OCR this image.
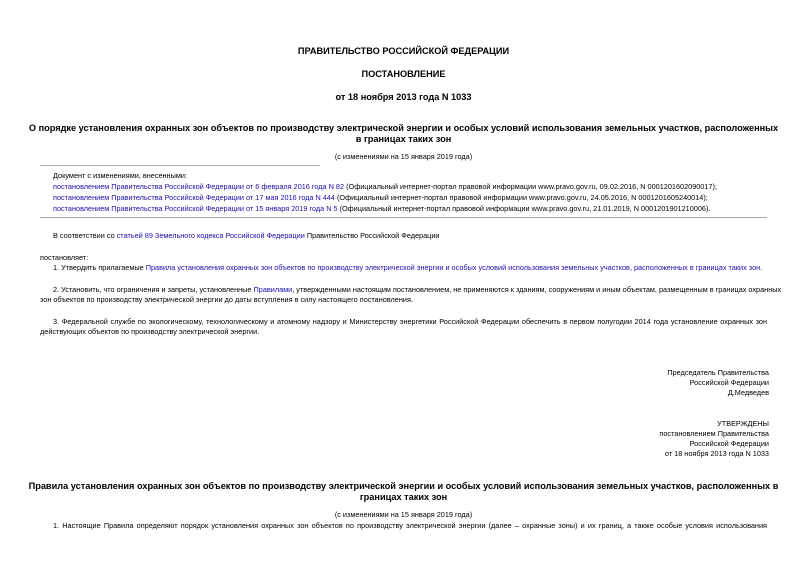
ПРАВИТЕЛЬСТВО РОССИЙСКОЙ ФЕДЕРАЦИИ
ПОСТАНОВЛЕНИЕ
от 18 ноября 2013 года N 1033
О порядке установления охранных зон объектов по производству электрической энергии и особых условий использования земельных участков, расположенных
в границах таких зон
(с изменениями на 15 января 2019 года)
Документ с изменениями, внесенными:
постановлением Правительства Российской Федерации от 6 февраля 2016 года N 82 (Официальный интернет-портал правовой информации www.pravo.gov.ru, 09.02.2016, N 0001201602090017);
постановлением Правительства Российской Федерации от 17 мая 2016 года N 444 (Официальный интернет-портал правовой информации www.pravo.gov.ru, 24.05.2016, N 0001201605240014);
постановлением Правительства Российской Федерации от 15 января 2019 года N 5 (Официальный интернет-портал правовой информации www.pravo.gov.ru, 21.01.2019, N 0001201901210006).
В соответствии со статьей 89 Земельного кодекса Российской Федерации Правительство Российской Федерации
постановляет:
1. Утвердить прилагаемые Правила установления охранных зон объектов по производству электрической энергии и особых условий использования земельных участков, расположенных в границах таких зон.
2. Установить, что ограничения и запреты, установленные Правилами, утвержденными настоящим постановлением, не применяются к зданиям, сооружениям и иным объектам, размещенным в границах охранных
зон объектов по производству электрической энергии до даты вступления в силу настоящего постановления.
3. Федеральной службе по экологическому, технологическому и атомному надзору и Министерству энергетики Российской Федерации обеспечить в первом полугодии 2014 года установление охранных зон
действующих объектов по производству электрической энергии.
Председатель Правительства
Российской Федерации
Д.Медведев
УТВЕРЖДЕНЫ
постановлением Правительства
Российской Федерации
от 18 ноября 2013 года N 1033
Правила установления охранных зон объектов по производству электрической энергии и особых условий использования земельных участков, расположенных в
границах таких зон
(с изменениями на 15 января 2019 года)
1. Настоящие Правила определяют порядок установления охранных зон объектов по производству электрической энергии (далее – охранные зоны) и их границ, а также особые условия использования
